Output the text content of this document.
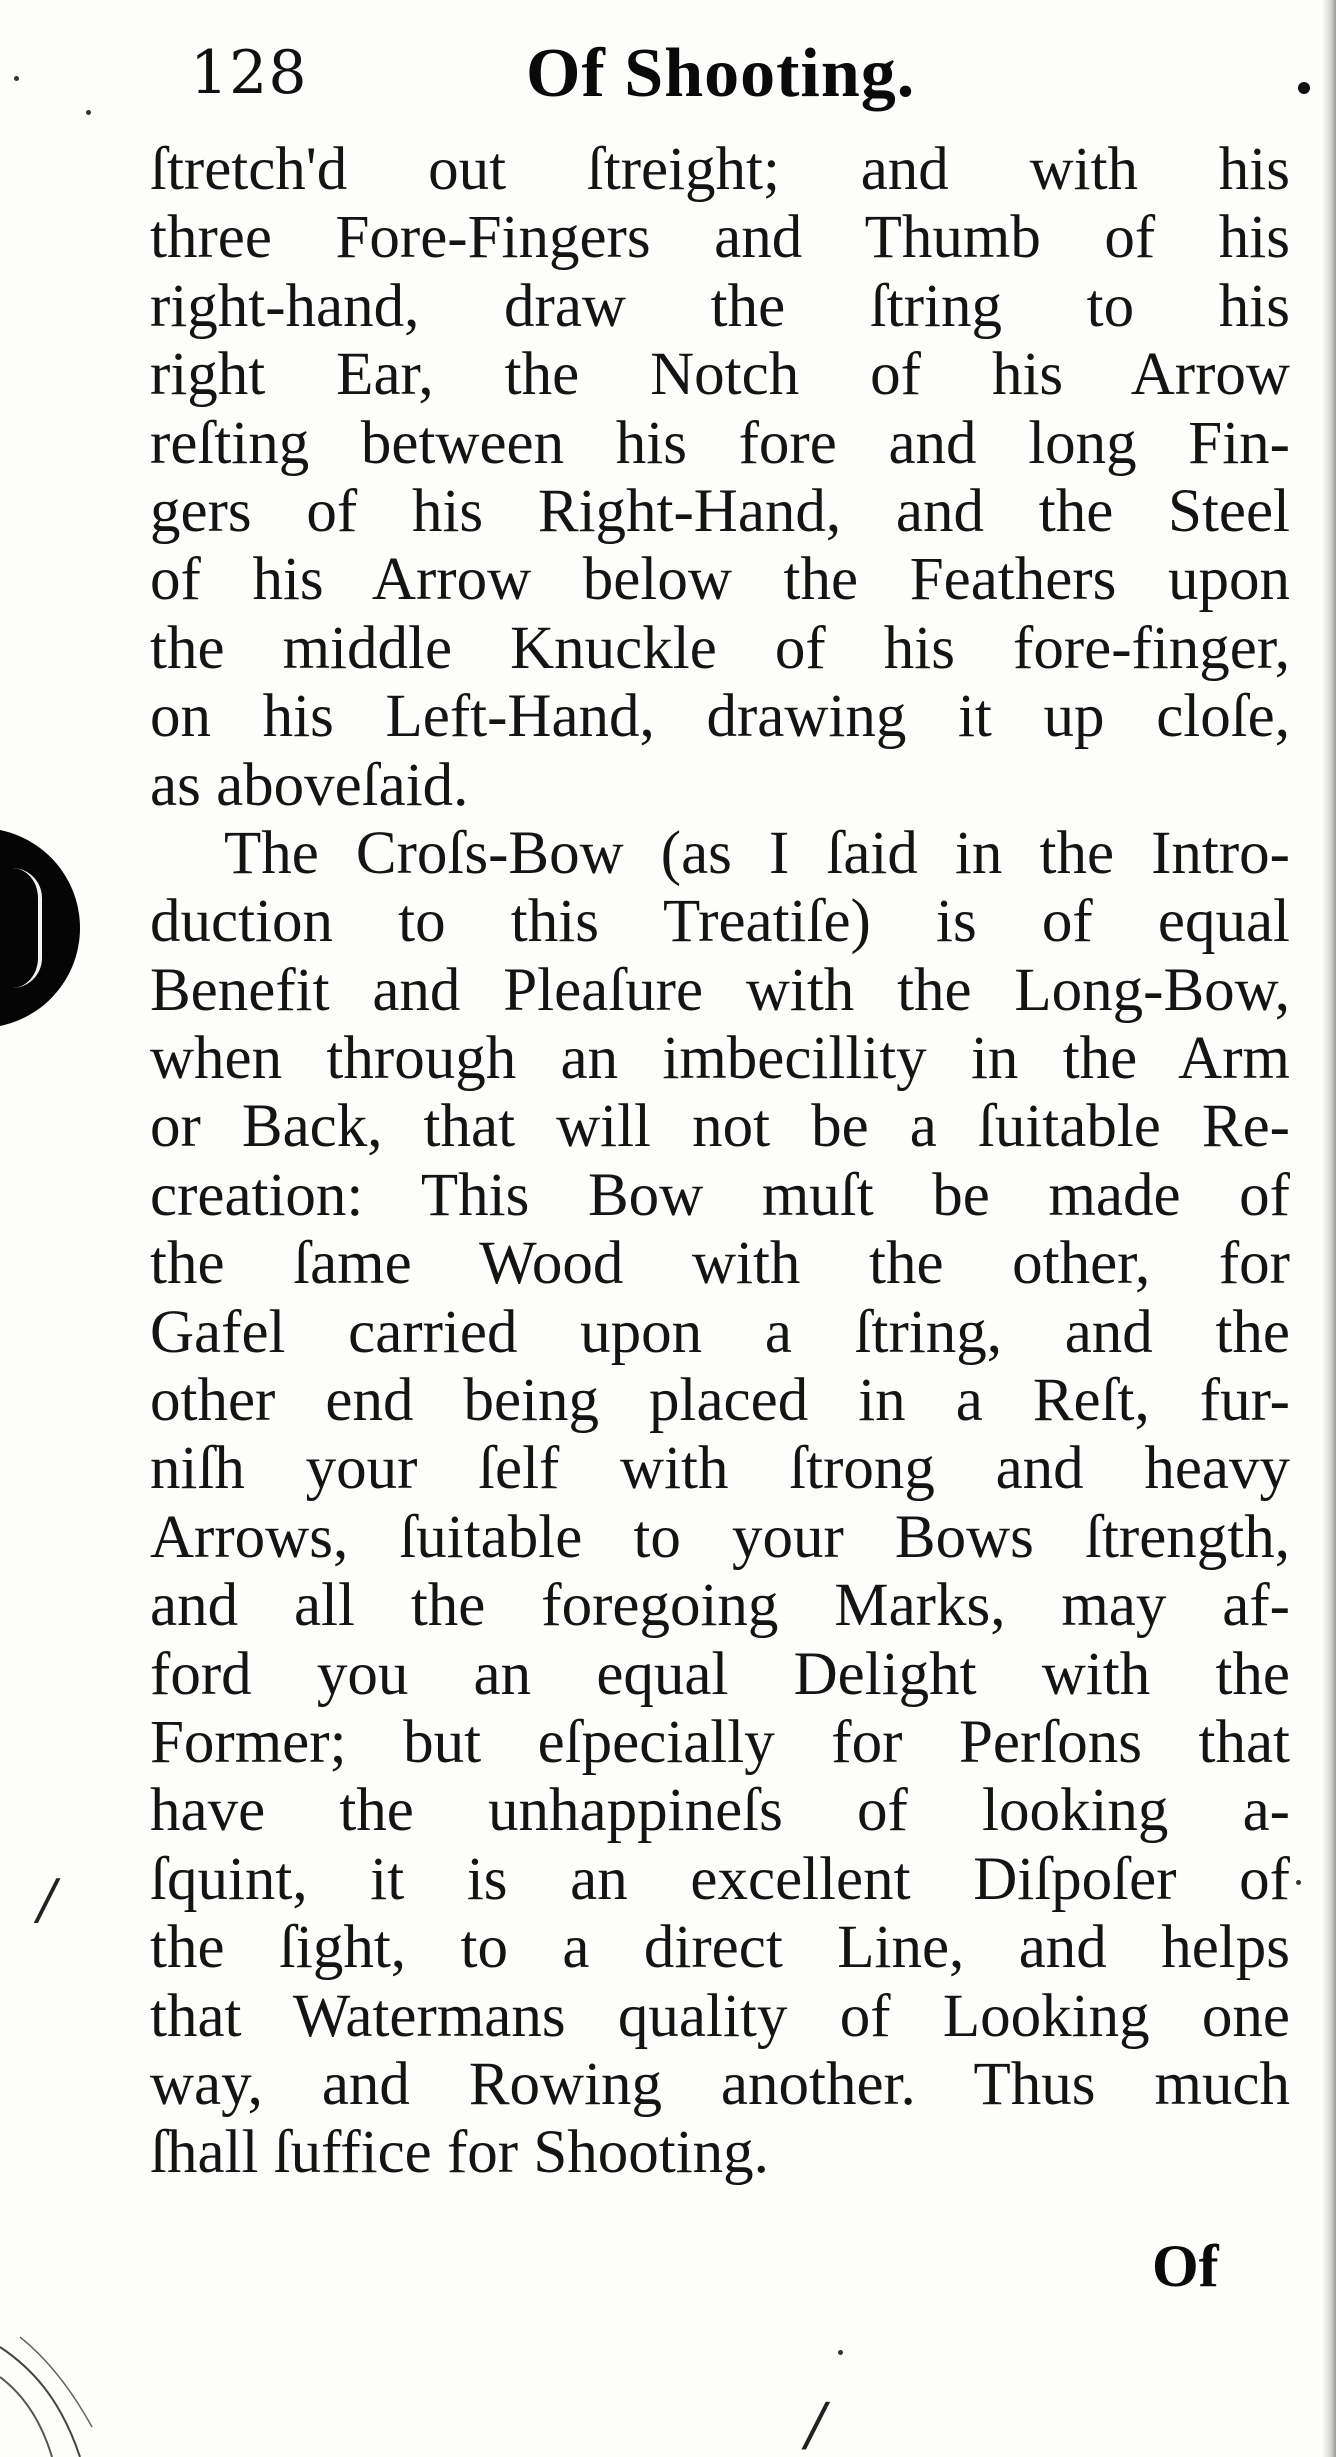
128	Of Shooting.
ſtretch'd out ſtreight; and with his
three Fore-Fingers and Thumb of his
right-hand, draw the ſtring to his
right Ear, the Notch of his Arrow
reſting between his fore and long Fin-
gers of his Right-Hand, and the Steel
of his Arrow below the Feathers upon
the middle Knuckle of his fore-finger,
on his Left-Hand, drawing it up cloſe,
as aboveſaid.
The Croſs-Bow (as I ſaid in the Intro-
duction to this Treatiſe) is of equal
Benefit and Pleaſure with the Long-Bow,
when through an imbecillity in the Arm
or Back, that will not be a ſuitable Re-
creation: This Bow muſt be made of
the ſame Wood with the other, for
Gafel carried upon a ſtring, and the
other end being placed in a Reſt, fur-
niſh your ſelf with ſtrong and heavy
Arrows, ſuitable to your Bows ſtrength,
and all the foregoing Marks, may af-
ford you an equal Delight with the
Former; but eſpecially for Perſons that
have the unhappineſs of looking a-
ſquint, it is an excellent Diſpoſer of
the ſight, to a direct Line, and helps
that Watermans quality of Looking one
way, and Rowing another. Thus much
ſhall ſuffice for Shooting.
Of
/
/
